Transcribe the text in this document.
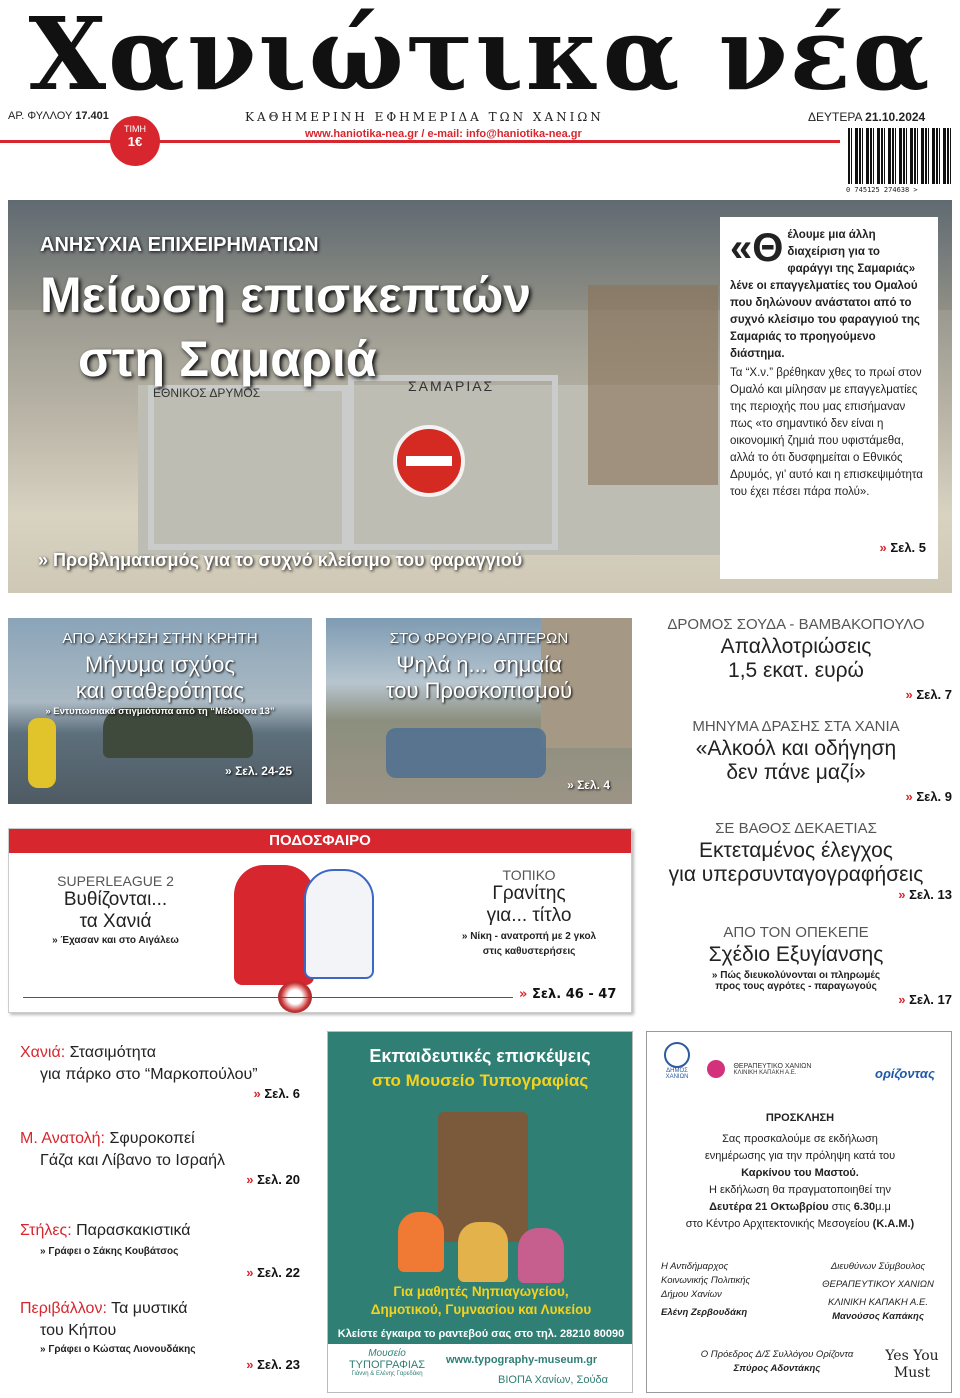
Χανιώτικα νέα
ΑΡ. ΦΥΛΛΟΥ 17.401
ΤΙΜΗ
1€
ΚΑΘΗΜΕΡΙΝΗ ΕΦΗΜΕΡΙΔΑ ΤΩΝ ΧΑΝΙΩΝ	ΔΕΥΤΕΡΑ 21.10.2024
www.haniotika-nea.gr / e-mail: info@haniotika-nea.gr
0 745125 274638 >
ΕΘΝΙΚΟΣ ΔΡΥΜΟΣ	ΣΑΜΑΡΙΑΣ
ΑΝΗΣΥΧΙΑ ΕΠΙΧΕΙΡΗΜΑΤΙΩΝ
Μείωση επισκεπτών
στη Σαμαριά
» Προβληματισμός για το συχνό κλείσιμο του φαραγγιού
«Θ έλουμε μια άλλη διαχείριση για το φαράγγι της Σαμαριάς» λένε οι επαγγελματίες του Ομαλού που δηλώνουν ανάστατοι από το συχνό κλείσιμο του φαραγγιού της Σαμαριάς το προηγούμενο διάστημα.
Τα “Χ.ν.” βρέθηκαν χθες το πρωί στον Ομαλό και μίλησαν με επαγγελματίες της περιοχής που μας επισήμαναν πως «το σημαντικό δεν είναι η οικονομική ζημιά που υφιστάμεθα, αλλά το ότι δυσφημείται ο Εθνικός Δρυμός, γι’ αυτό και η επισκεψιμότητα του έχει πέσει πάρα πολύ».
» Σελ. 5
ΑΠΟ ΑΣΚΗΣΗ ΣΤΗΝ ΚΡΗΤΗ
Μήνυμα ισχύος
και σταθερότητας
» Εντυπωσιακά στιγμιότυπα από τη “Μέδουσα 13”
» Σελ. 24-25
ΣΤΟ ΦΡΟΥΡΙΟ ΑΠΤΕΡΩΝ
Ψηλά η... σημαία
του Προσκοπισμού
» Σελ. 4
ΔΡΟΜΟΣ ΣΟΥΔΑ - ΒΑΜΒΑΚΟΠΟΥΛΟ
Απαλλοτριώσεις
1,5 εκατ. ευρώ
» Σελ. 7
ΜΗΝΥΜΑ ΔΡΑΣΗΣ ΣΤΑ ΧΑΝΙΑ
«Αλκοόλ και οδήγηση
δεν πάνε μαζί»
» Σελ. 9
ΣΕ ΒΑΘΟΣ ΔΕΚΑΕΤΙΑΣ
Εκτεταμένος έλεγχος
για υπερσυνταγογραφήσεις
» Σελ. 13
ΑΠΟ ΤΟΝ ΟΠΕΚΕΠΕ
Σχέδιο Εξυγίανσης
» Πώς διευκολύνονται οι πληρωμές
προς τους αγρότες - παραγωγούς
» Σελ. 17
ΠΟΔΟΣΦΑΙΡΟ
SUPERLEAGUE 2
Βυθίζονται...
τα Χανιά
» Έχασαν και στο Αιγάλεω
ΤΟΠΙΚΟ
Γρανίτης
για... τίτλο
» Νίκη - ανατροπή με 2 γκολ
στις καθυστερήσεις
» Σελ. 46 - 47
Χανιά: Στασιμότητα
για πάρκο στο “Μαρκοπούλου”
» Σελ. 6
Μ. Ανατολή: Σφυροκοπεί
Γάζα και Λίβανο το Ισραήλ
» Σελ. 20
Στήλες: Παρασκακιστικά
» Γράφει ο Σάκης Κουβάτσος
» Σελ. 22
Περιβάλλον: Τα μυστικά
του Κήπου
» Γράφει ο Κώστας Λιονουδάκης
» Σελ. 23
Εκπαιδευτικές επισκέψεις
στο Μουσείο Τυπογραφίας
Για μαθητές Νηπιαγωγείου,
Δημοτικού, Γυμνασίου και Λυκείου
Κλείστε έγκαιρα το ραντεβού σας στο τηλ. 28210 80090
Μουσείο
ΤΥΠΟΓΡΑΦΙΑΣ
Γιάννη & Ελένης Γαρεδάκη
www.typography-museum.gr
ΒΙΟΠΑ Χανίων, Σούδα
ΔΗΜΟΣ
ΧΑΝΙΩΝ

ΘΕΡΑΠΕΥΤΙΚΟ ΧΑΝΙΩΝ
ΚΛΙΝΙΚΗ ΚΑΠΑΚΗ Α.Ε.	ορίζοντας
ΠΡΟΣΚΛΗΣΗ
Σας προσκαλούμε σε εκδήλωση
ενημέρωσης για την πρόληψη κατά του
Καρκίνου του Μαστού.
Η εκδήλωση θα πραγματοποιηθεί την
Δευτέρα 21 Οκτωβρίου στις 6.30μ.μ
στο Κέντρο Αρχιτεκτονικής Μεσογείου (Κ.Α.Μ.)
Η Αντιδήμαρχος
Κοινωνικής Πολιτικής
Δήμου Χανίων
Ελένη Ζερβουδάκη
Διευθύνων Σύμβουλος
ΘΕΡΑΠΕΥΤΙΚΟΥ ΧΑΝΙΩΝ
ΚΛΙΝΙΚΗ ΚΑΠΑΚΗ Α.Ε.
Μανούσος Καπάκης
Ο Πρόεδρος Δ/Σ Συλλόγου Ορίζοντα
Σπύρος Αδοντάκης
Yes You
Must
